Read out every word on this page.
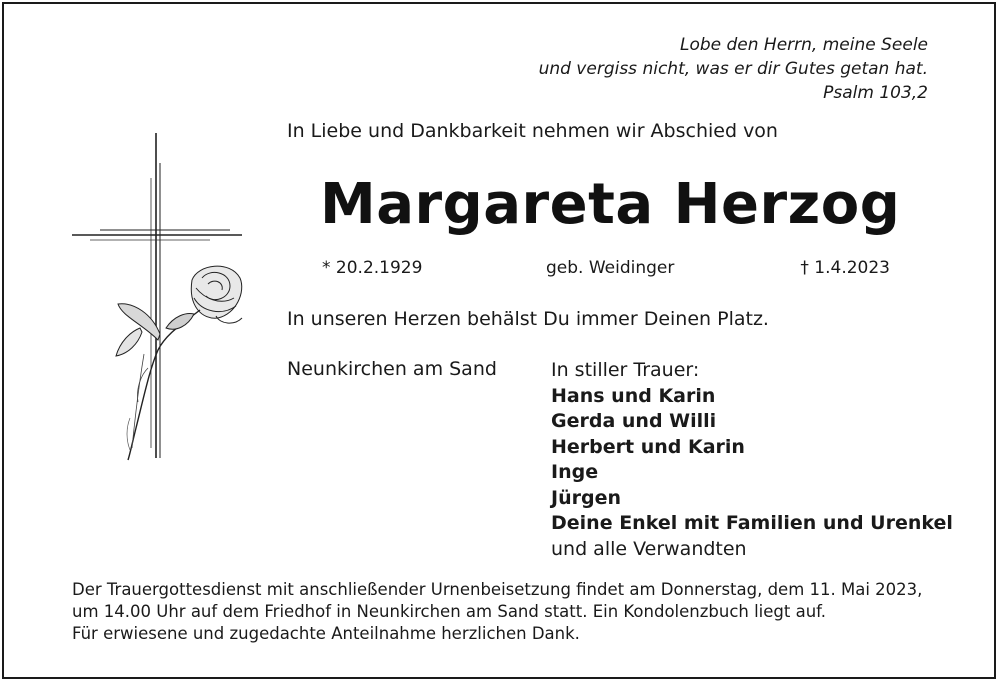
Lobe den Herrn, meine Seele
und vergiss nicht, was er dir Gutes getan hat.
Psalm 103,2
In Liebe und Dankbarkeit nehmen wir Abschied von
Margareta Herzog
* 20.2.1929	geb. Weidinger	† 1.4.2023
In unseren Herzen behälst Du immer Deinen Platz.
Neunkirchen am Sand	In stiller Trauer:
Hans und Karin
Gerda und Willi
Herbert und Karin
Inge
Jürgen
Deine Enkel mit Familien und Urenkel
und alle Verwandten

Der Trauergottesdienst mit anschließender Urnenbeisetzung findet am Donnerstag, dem 11. Mai 2023,

um 14.00 Uhr auf dem Friedhof in Neunkirchen am Sand statt. Ein Kondolenzbuch liegt auf.

Für erwiesene und zugedachte Anteilnahme herzlichen Dank.
